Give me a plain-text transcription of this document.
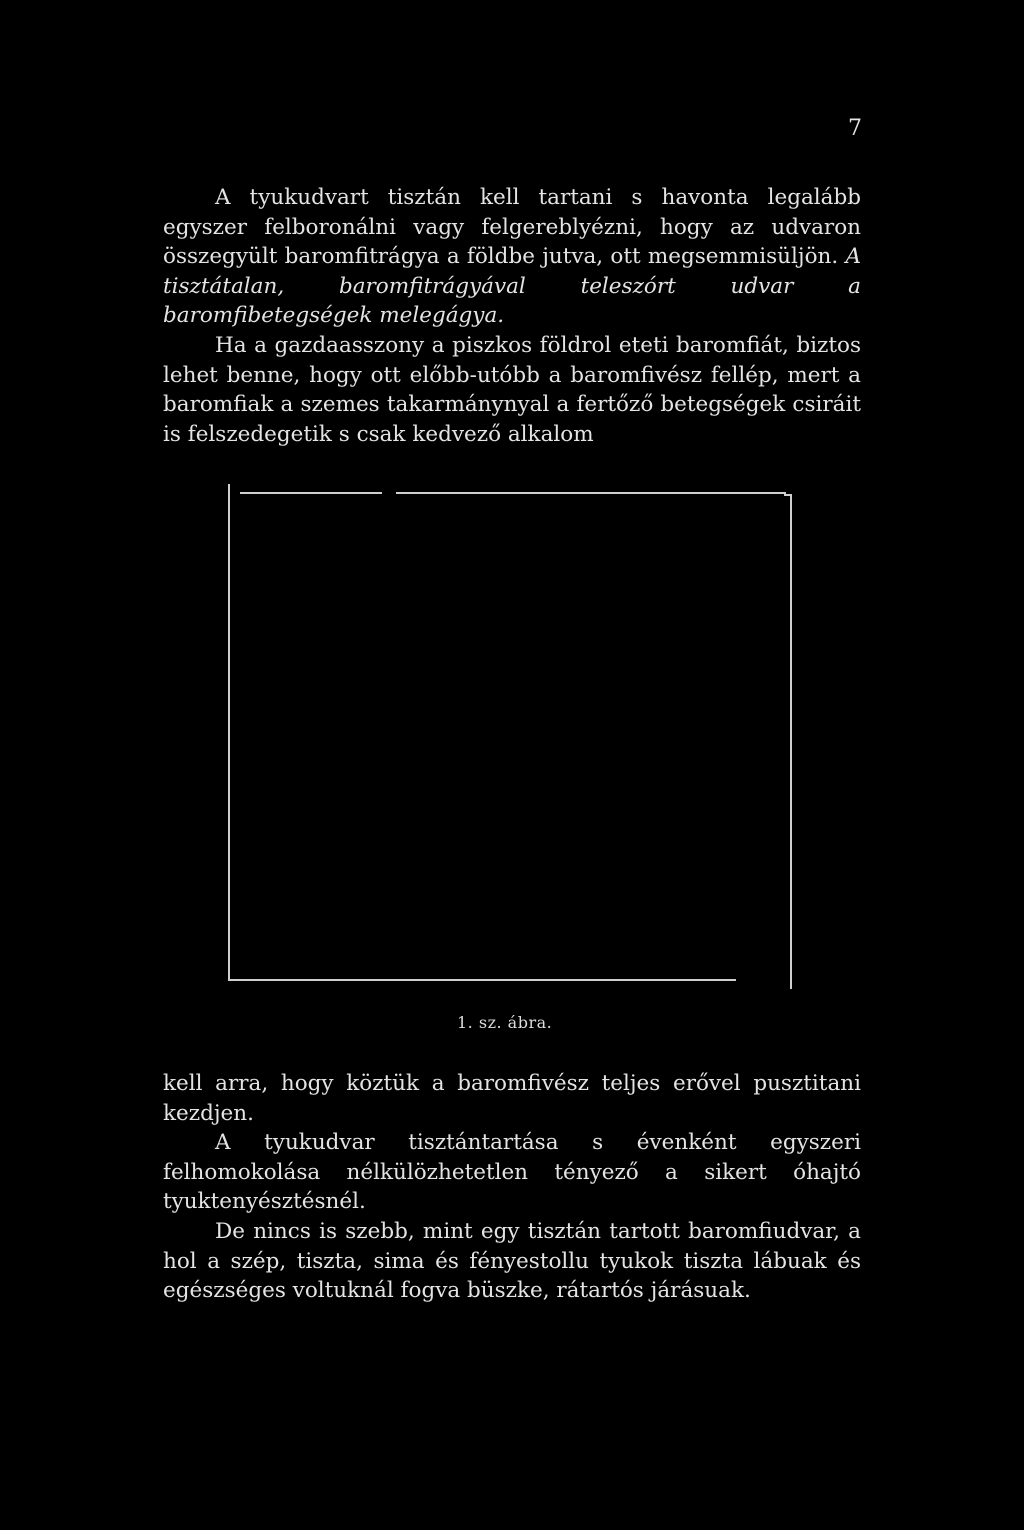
7

A tyukudvart tisztán kell tartani s havonta legalább egyszer felboronálni vagy felgereblyézni, hogy az udvaron összegyült baromfitrágya a földbe jutva, ott megsemmisüljön. A tisztátalan, baromfitrágyával teleszórt udvar a baromfibetegségek melegágya.

Ha a gazdaasszony a piszkos földrol eteti baromfiát, biztos lehet benne, hogy ott előbb-utóbb a baromfivész fellép, mert a baromfiak a szemes takarmánynyal a fertőző betegségek csiráit is felszedegetik s csak kedvező alkalom

1. sz. ábra.

kell arra, hogy köztük a baromfivész teljes erővel pusztitani kezdjen.

A tyukudvar tisztántartása s évenként egyszeri felhomokolása nélkülözhetetlen tényező a sikert óhajtó tyuktenyésztésnél.

De nincs is szebb, mint egy tisztán tartott baromfiudvar, a hol a szép, tiszta, sima és fényestollu tyukok tiszta lábuak és egészséges voltuknál fogva büszke, rátartós járásuak.
